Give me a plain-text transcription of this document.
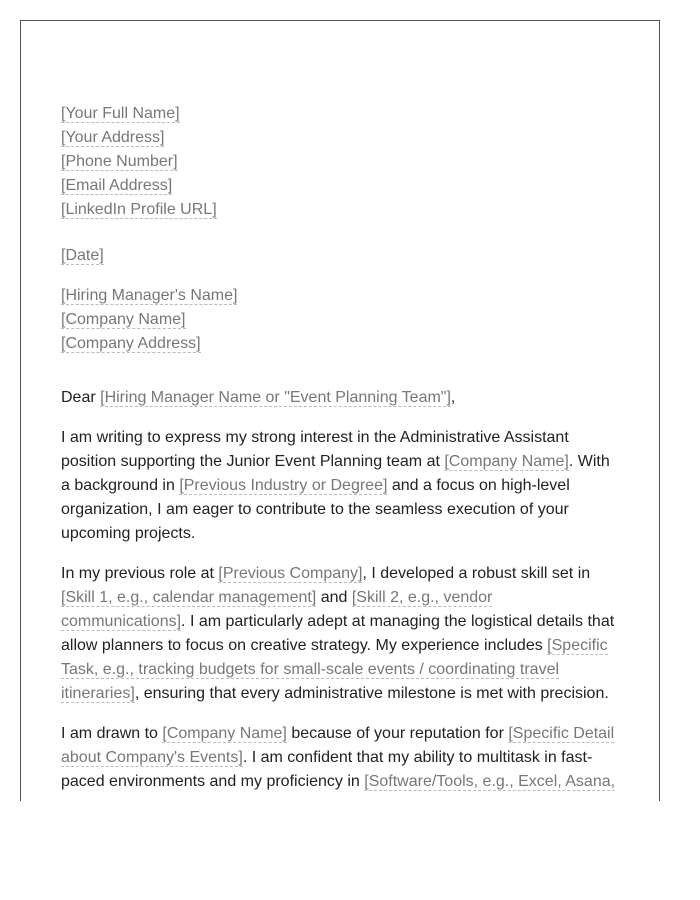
[Your Full Name]
[Your Address]
[Phone Number]
[Email Address]
[LinkedIn Profile URL]
[Date]
[Hiring Manager's Name]
[Company Name]
[Company Address]

Dear [Hiring Manager Name or "Event Planning Team"],

I am writing to express my strong interest in the Administrative Assistant position supporting the Junior Event Planning team at [Company Name]. With a background in [Previous Industry or Degree] and a focus on high-level organization, I am eager to contribute to the seamless execution of your upcoming projects.

In my previous role at [Previous Company], I developed a robust skill set in [Skill 1, e.g., calendar management] and [Skill 2, e.g., vendor communications]. I am particularly adept at managing the logistical details that allow planners to focus on creative strategy. My experience includes [Specific Task, e.g., tracking budgets for small-scale events / coordinating travel itineraries], ensuring that every administrative milestone is met with precision.

I am drawn to [Company Name] because of your reputation for [Specific Detail about Company's Events]. I am confident that my ability to multitask in fast-paced environments and my proficiency in [Software/Tools, e.g., Excel, Asana,
